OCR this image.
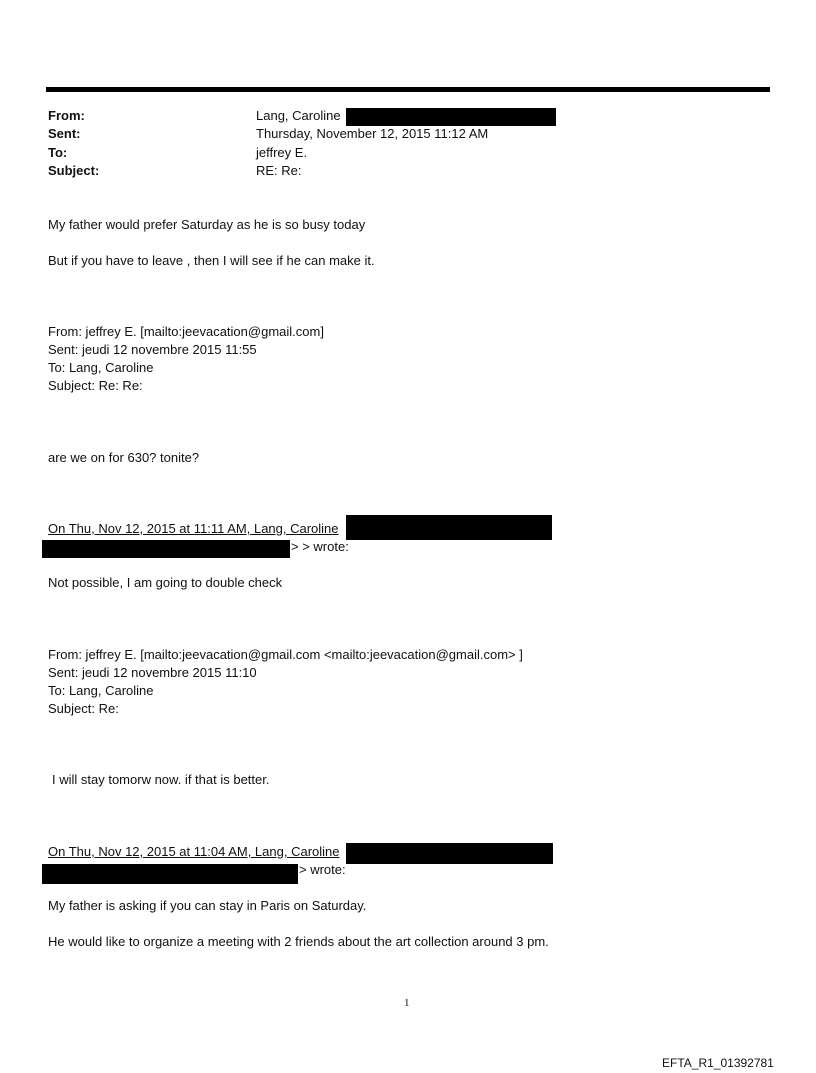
From:	Lang, Caroline
Sent:	Thursday, November 12, 2015 11:12 AM
To:	jeffrey E.
Subject:	RE: Re:
My father would prefer Saturday as he is so busy today
But if you have to leave , then I will see if he can make it.
From: jeffrey E. [mailto:jeevacation@gmail.com]
Sent: jeudi 12 novembre 2015 11:55
To: Lang, Caroline
Subject: Re: Re:
are we on for 630? tonite?
On Thu, Nov 12, 2015 at 11:11 AM, Lang, Caroline
> > wrote:
Not possible, I am going to double check
From: jeffrey E. [mailto:jeevacation@gmail.com <mailto:jeevacation@gmail.com> ]
Sent: jeudi 12 novembre 2015 11:10
To: Lang, Caroline
Subject: Re:
I will stay tomorw now. if that is better.
On Thu, Nov 12, 2015 at 11:04 AM, Lang, Caroline
> wrote:
My father is asking if you can stay in Paris on Saturday.
He would like to organize a meeting with 2 friends about the art collection around 3 pm.
1
EFTA_R1_01392781
